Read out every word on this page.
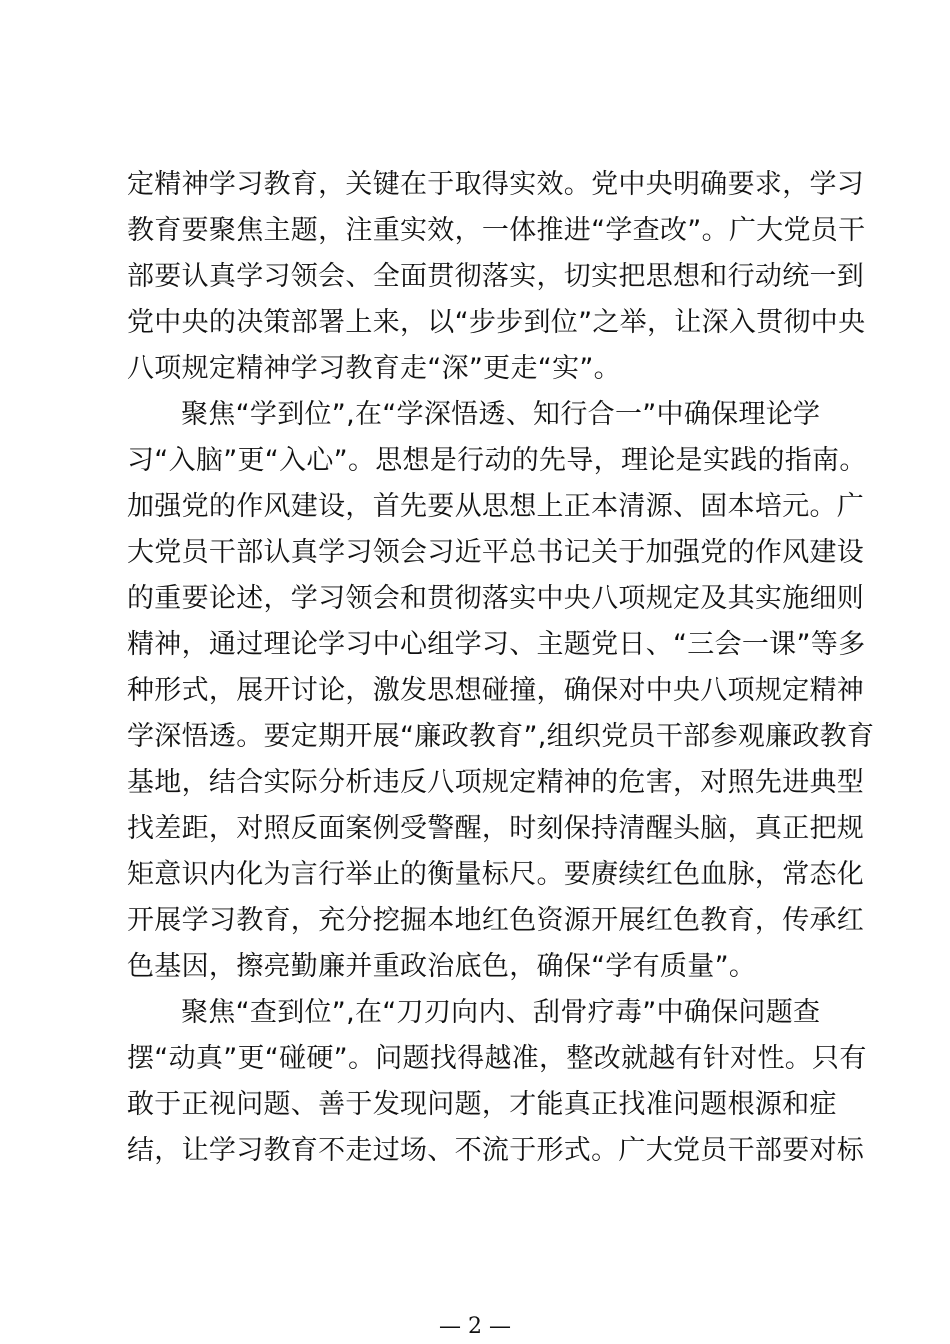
定精神学习教育，关键在于取得实效。党中央明确要求，学习
教育要聚焦主题，注重实效，一体推进“学查改”。广大党员干
部要认真学习领会、全面贯彻落实，切实把思想和行动统一到
党中央的决策部署上来，以“步步到位”之举，让深入贯彻中央
八项规定精神学习教育走“深”更走“实”。
聚焦“学到位”,在“学深悟透、知行合一”中确保理论学
习“入脑”更“入心”。思想是行动的先导，理论是实践的指南。
加强党的作风建设，首先要从思想上正本清源、固本培元。广
大党员干部认真学习领会习近平总书记关于加强党的作风建设
的重要论述，学习领会和贯彻落实中央八项规定及其实施细则
精神，通过理论学习中心组学习、主题党日、“三会一课”等多
种形式，展开讨论，激发思想碰撞，确保对中央八项规定精神
学深悟透。要定期开展“廉政教育”,组织党员干部参观廉政教育
基地，结合实际分析违反八项规定精神的危害，对照先进典型
找差距，对照反面案例受警醒，时刻保持清醒头脑，真正把规
矩意识内化为言行举止的衡量标尺。要赓续红色血脉，常态化
开展学习教育，充分挖掘本地红色资源开展红色教育，传承红
色基因，擦亮勤廉并重政治底色，确保“学有质量”。
聚焦“查到位”,在“刀刃向内、刮骨疗毒”中确保问题查
摆“动真”更“碰硬”。问题找得越准，整改就越有针对性。只有
敢于正视问题、善于发现问题，才能真正找准问题根源和症
结，让学习教育不走过场、不流于形式。广大党员干部要对标
— 2 —
